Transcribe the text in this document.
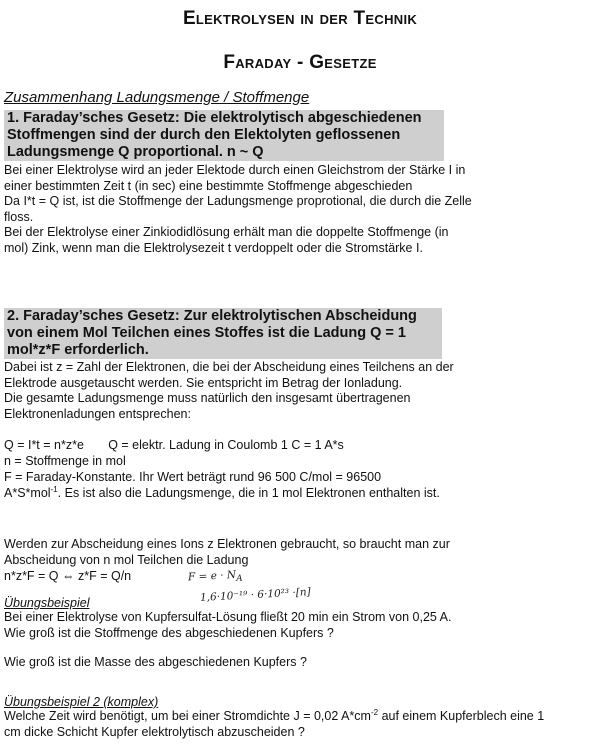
Elektrolysen in der Technik
Faraday - Gesetze
Zusammenhang Ladungsmenge / Stoffmenge
1. Faraday’sches Gesetz: Die elektrolytisch abgeschiedenen Stoffmengen sind der durch den Elektolyten geflossenen Ladungsmenge Q proportional. n ~ Q
Bei einer Elektrolyse wird an jeder Elektode durch einen Gleichstrom der Stärke I in einer bestimmten Zeit t (in sec) eine bestimmte Stoffmenge abgeschieden
Da I*t = Q ist, ist die Stoffmenge der Ladungsmenge proprotional, die durch die Zelle floss.
Bei der Elektrolyse einer Zinkiodidlösung erhält man die doppelte Stoffmenge (in mol) Zink, wenn man die Elektrolysezeit t verdoppelt oder die Stromstärke I.
2. Faraday’sches Gesetz: Zur elektrolytischen Abscheidung von einem Mol Teilchen eines Stoffes ist die Ladung Q = 1 mol*z*F erforderlich.
Dabei ist z = Zahl der Elektronen, die bei der Abscheidung eines Teilchens an der Elektrode ausgetauscht werden. Sie entspricht im Betrag der Ionladung.
Die gesamte Ladungsmenge muss natürlich den insgesamt übertragenen Elektronenladungen entsprechen:
Q = I*t = n*z*e       Q = elektr. Ladung in Coulomb 1 C = 1 A*s
n = Stoffmenge in mol
F = Faraday-Konstante. Ihr Wert beträgt rund 96 500 C/mol = 96500
A*S*mol$^{-1}$. Es ist also die Ladungsmenge, die in 1 mol Elektronen enthalten ist.
Werden zur Abscheidung eines Ions z Elektronen gebraucht, so braucht man zur Abscheidung von n mol Teilchen die Ladung
n*z*F = Q ⇔ z*F = Q/n	$F = e \cdot N_A$
1,6·10⁻¹⁹ · 6·10²³ ·[n]
Übungsbeispiel
Bei einer Elektrolyse von Kupfersulfat-Lösung fließt 20 min ein Strom von 0,25 A.
Wie groß ist die Stoffmenge des abgeschiedenen Kupfers ?
Wie groß ist die Masse des abgeschiedenen Kupfers ?
Übungsbeispiel 2 (komplex)
Welche Zeit wird benötigt, um bei einer Stromdichte J = 0,02 $A*cm^{-2}$ auf einem Kupferblech eine 1
cm dicke Schicht Kupfer elektrolytisch abzuscheiden ?
